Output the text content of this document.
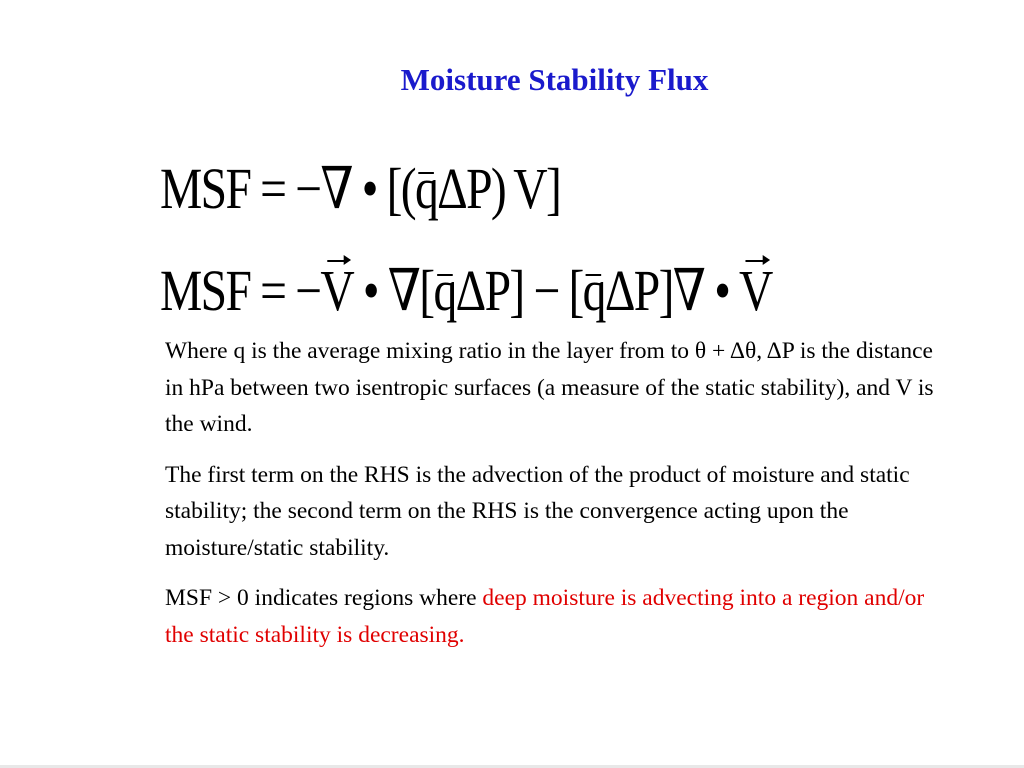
Moisture Stability Flux
MSF = −∇ • [(qΔP) V]
MSF = −V • ∇[qΔP] − [qΔP]∇ • V

Where q is the average mixing ratio in the layer from to θ + Δθ, ΔP is the distance in hPa between two isentropic surfaces (a measure of the static stability), and V is the wind.

The first term on the RHS is the advection of the product of moisture and static stability; the second term on the RHS is the convergence acting upon the moisture/static stability.

MSF > 0 indicates regions where deep moisture is advecting into a region and/or the static stability is decreasing.
